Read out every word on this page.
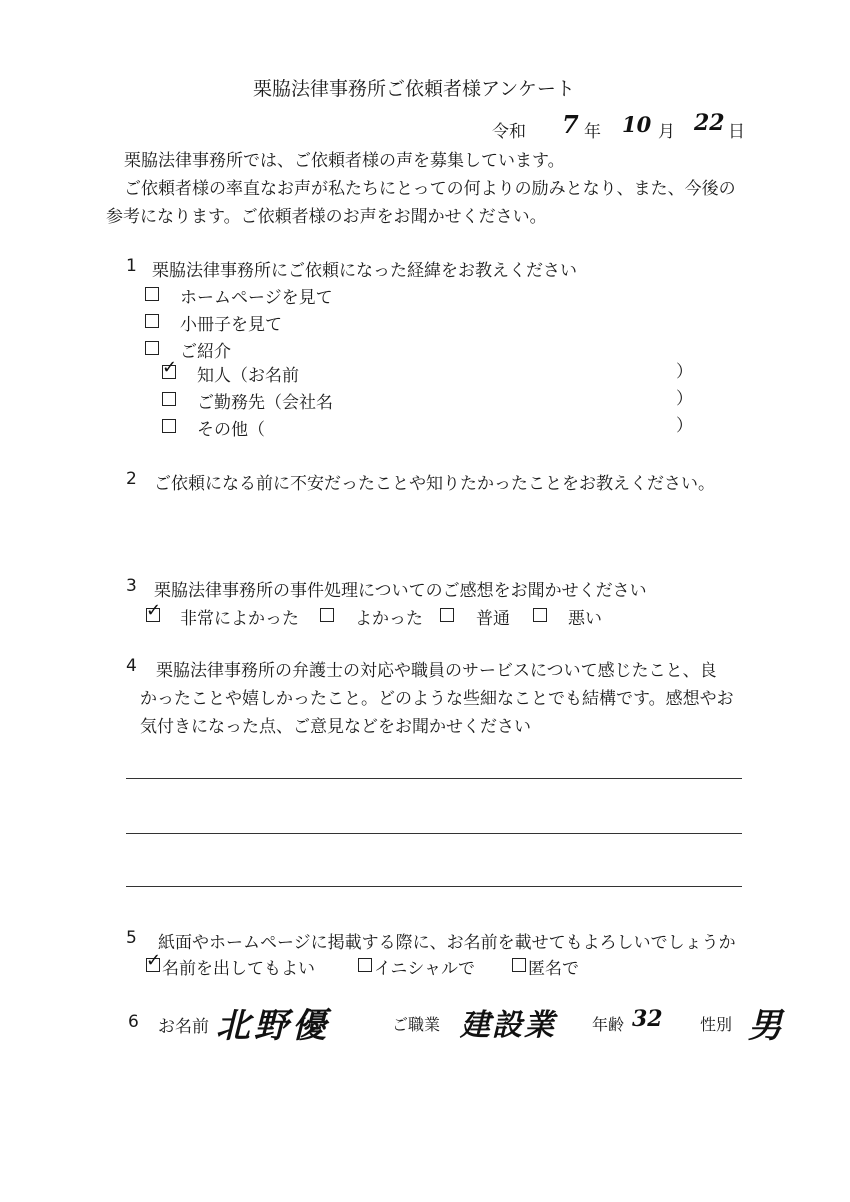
栗脇法律事務所ご依頼者様アンケート
令和 7 年 10 月 22 日
栗脇法律事務所では、ご依頼者様の声を募集しています。
ご依頼者様の率直なお声が私たちにとっての何よりの励みとなり、また、今後の
参考になります。ご依頼者様のお声をお聞かせください。
1 栗脇法律事務所にご依頼になった経緯をお教えください
ホームページを見て
小冊子を見て
ご紹介
✓ 知人（お名前	）
ご勤務先（会社名	）
その他（	）
2 ご依頼になる前に不安だったことや知りたかったことをお教えください。
3 栗脇法律事務所の事件処理についてのご感想をお聞かせください
✓ 非常によかった	よかった	普通	悪い
4 栗脇法律事務所の弁護士の対応や職員のサービスについて感じたこと、良
かったことや嬉しかったこと。どのような些細なことでも結構です。感想やお
気付きになった点、ご意見などをお聞かせください
5 紙面やホームページに掲載する際に、お名前を載せてもよろしいでしょうか
✓ 名前を出してもよい	イニシャルで	匿名で
6 お名前 北野優	ご職業 建設業 年齢 32 性別 男
